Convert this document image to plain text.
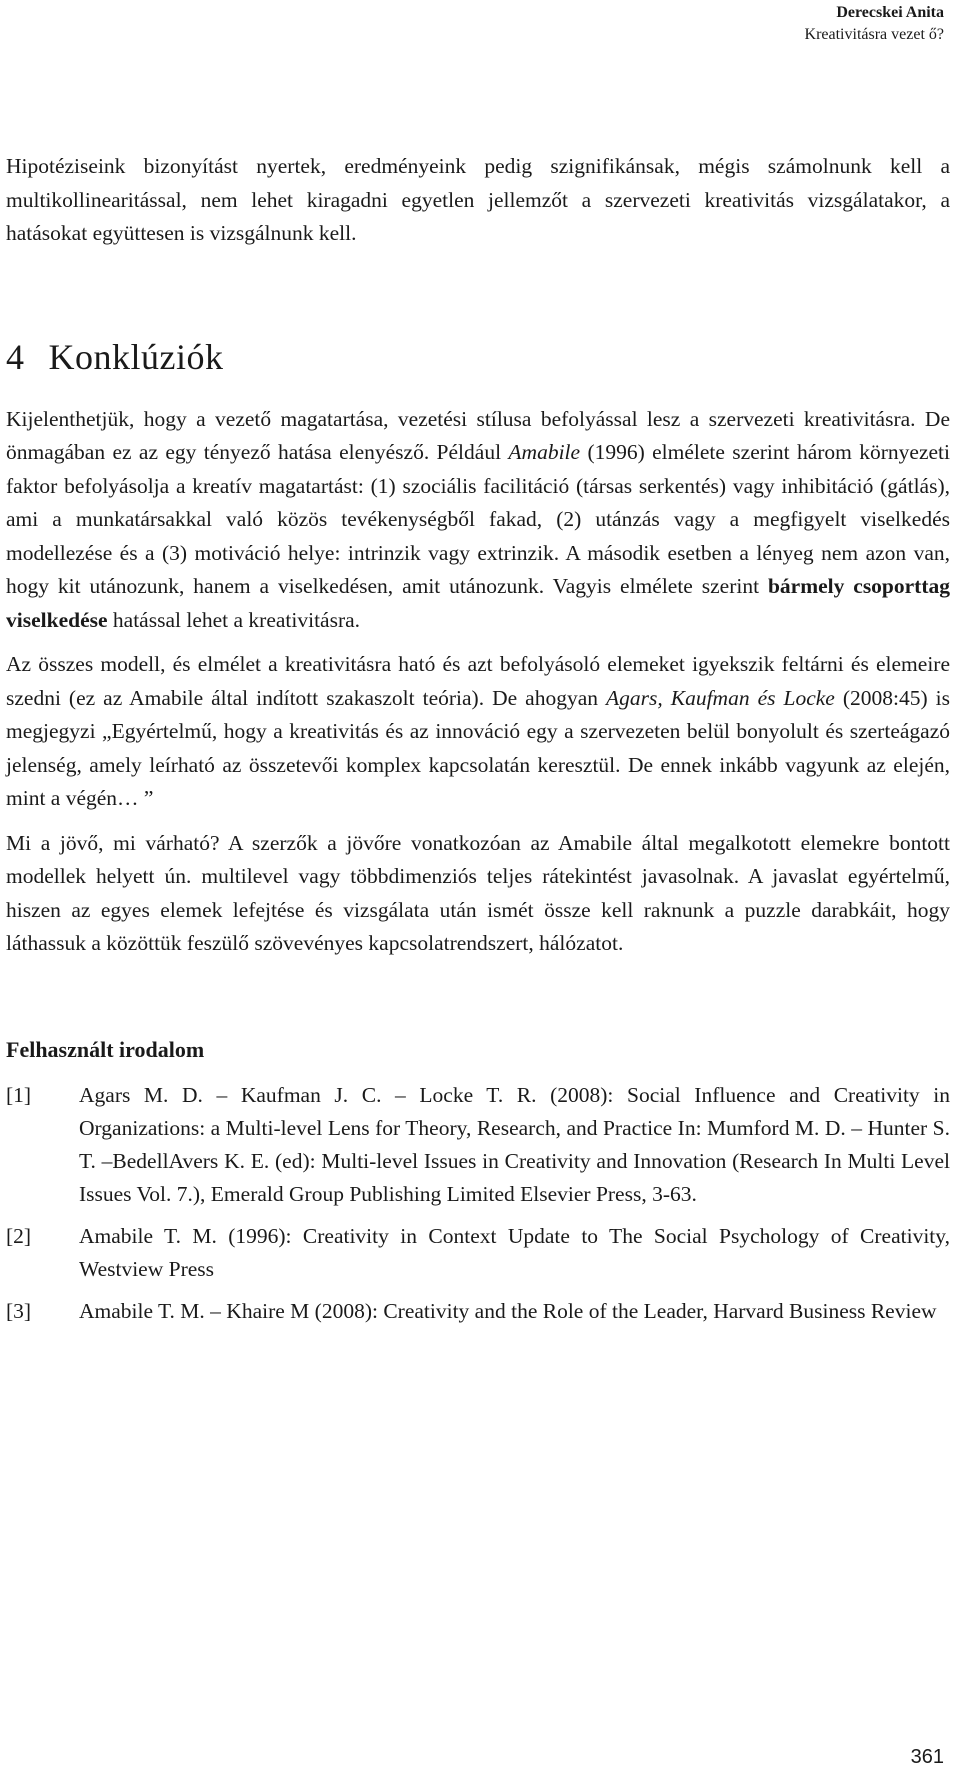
Derecskei Anita
Kreativitásra vezet ő?

Hipotéziseink bizonyítást nyertek, eredményeink pedig szignifikánsak, mégis számolnunk kell a multikollinearitással, nem lehet kiragadni egyetlen jellemzőt a szervezeti kreativitás vizsgálatakor, a hatásokat együttesen is vizsgálnunk kell.

4 Konklúziók

Kijelenthetjük, hogy a vezető magatartása, vezetési stílusa befolyással lesz a szervezeti kreativitásra. De önmagában ez az egy tényező hatása elenyésző. Például Amabile (1996) elmélete szerint három környezeti faktor befolyásolja a kreatív magatartást: (1) szociális facilitáció (társas serkentés) vagy inhibitáció (gátlás), ami a munkatársakkal való közös tevékenységből fakad, (2) utánzás vagy a megfigyelt viselkedés modellezése és a (3) motiváció helye: intrinzik vagy extrinzik. A második esetben a lényeg nem azon van, hogy kit utánozunk, hanem a viselkedésen, amit utánozunk. Vagyis elmélete szerint bármely csoporttag viselkedése hatással lehet a kreativitásra.

Az összes modell, és elmélet a kreativitásra ható és azt befolyásoló elemeket igyekszik feltárni és elemeire szedni (ez az Amabile által indított szakaszolt teória). De ahogyan Agars, Kaufman és Locke (2008:45) is megjegyzi „Egyértelmű, hogy a kreativitás és az innováció egy a szervezeten belül bonyolult és szerteágazó jelenség, amely leírható az összetevői komplex kapcsolatán keresztül. De ennek inkább vagyunk az elején, mint a végén… ”

Mi a jövő, mi várható? A szerzők a jövőre vonatkozóan az Amabile által megalkotott elemekre bontott modellek helyett ún. multilevel vagy többdimenziós teljes rátekintést javasolnak. A javaslat egyértelmű, hiszen az egyes elemek lefejtése és vizsgálata után ismét össze kell raknunk a puzzle darabkáit, hogy láthassuk a közöttük feszülő szövevényes kapcsolatrendszert, hálózatot.

Felhasznált irodalom
[1]	Agars M. D. – Kaufman J. C. – Locke T. R. (2008): Social Influence and Creativity in Organizations: a Multi-level Lens for Theory, Research, and Practice In: Mumford M. D. – Hunter S. T. –BedellAvers K. E. (ed): Multi-level Issues in Creativity and Innovation (Research In Multi Level Issues Vol. 7.), Emerald Group Publishing Limited Elsevier Press, 3-63.
[2]	Amabile T. M. (1996): Creativity in Context Update to The Social Psychology of Creativity, Westview Press
[3]	Amabile T. M. – Khaire M (2008): Creativity and the Role of the Leader, Harvard Business Review
361
